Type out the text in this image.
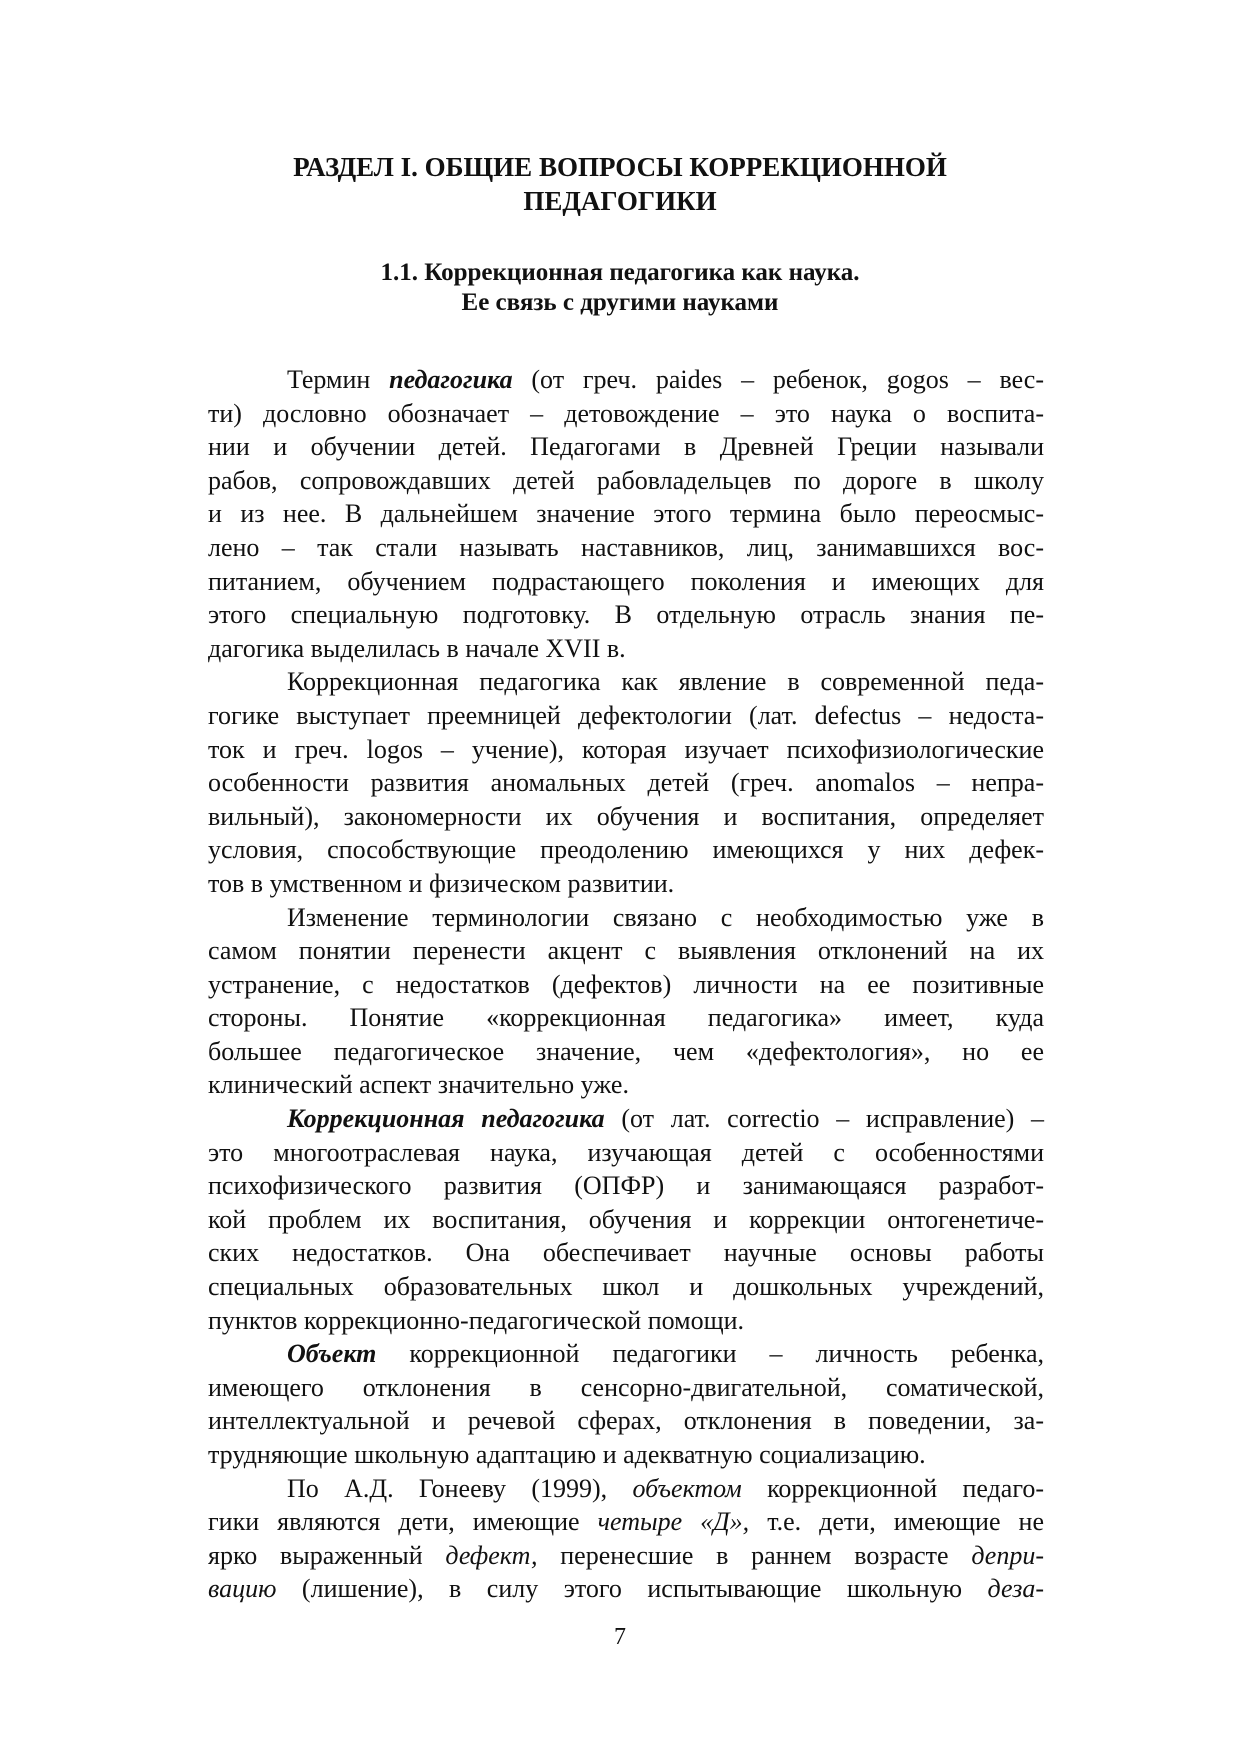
РАЗДЕЛ I. ОБЩИЕ ВОПРОСЫ КОРРЕКЦИОННОЙ
ПЕДАГОГИКИ
1.1. Коррекционная педагогика как наука.
Ее связь с другими науками
Термин педагогика (от греч. paides – ребенок, gogos – вес-
ти) дословно обозначает – детовождение – это наука о воспита-
нии и обучении детей. Педагогами в Древней Греции называли
рабов, сопровождавших детей рабовладельцев по дороге в школу
и из нее. В дальнейшем значение этого термина было переосмыс-
лено – так стали называть наставников, лиц, занимавшихся вос-
питанием, обучением подрастающего поколения и имеющих для
этого специальную подготовку. В отдельную отрасль знания пе-
дагогика выделилась в начале XVII в.
Коррекционная педагогика как явление в современной педа-
гогике выступает преемницей дефектологии (лат. defectus – недоста-
ток и греч. logos – учение), которая изучает психофизиологические
особенности развития аномальных детей (греч. anomalos – непра-
вильный), закономерности их обучения и воспитания, определяет
условия, способствующие преодолению имеющихся у них дефек-
тов в умственном и физическом развитии.
Изменение терминологии связано с необходимостью уже в
самом понятии перенести акцент с выявления отклонений на их
устранение, с недостатков (дефектов) личности на ее позитивные
стороны. Понятие «коррекционная педагогика» имеет, куда
большее педагогическое значение, чем «дефектология», но ее
клинический аспект значительно уже.
Коррекционная педагогика (от лат. correctio – исправление) –
это многоотраслевая наука, изучающая детей с особенностями
психофизического развития (ОПФР) и занимающаяся разработ-
кой проблем их воспитания, обучения и коррекции онтогенетиче-
ских недостатков. Она обеспечивает научные основы работы
специальных образовательных школ и дошкольных учреждений,
пунктов коррекционно-педагогической помощи.
Объект коррекционной педагогики – личность ребенка,
имеющего отклонения в сенсорно-двигательной, соматической,
интеллектуальной и речевой сферах, отклонения в поведении, за-
трудняющие школьную адаптацию и адекватную социализацию.
По А.Д. Гонееву (1999), объектом коррекционной педаго-
гики являются дети, имеющие четыре «Д», т.е. дети, имеющие не
ярко выраженный дефект, перенесшие в раннем возрасте депри-
вацию (лишение), в силу этого испытывающие школьную деза-
7
